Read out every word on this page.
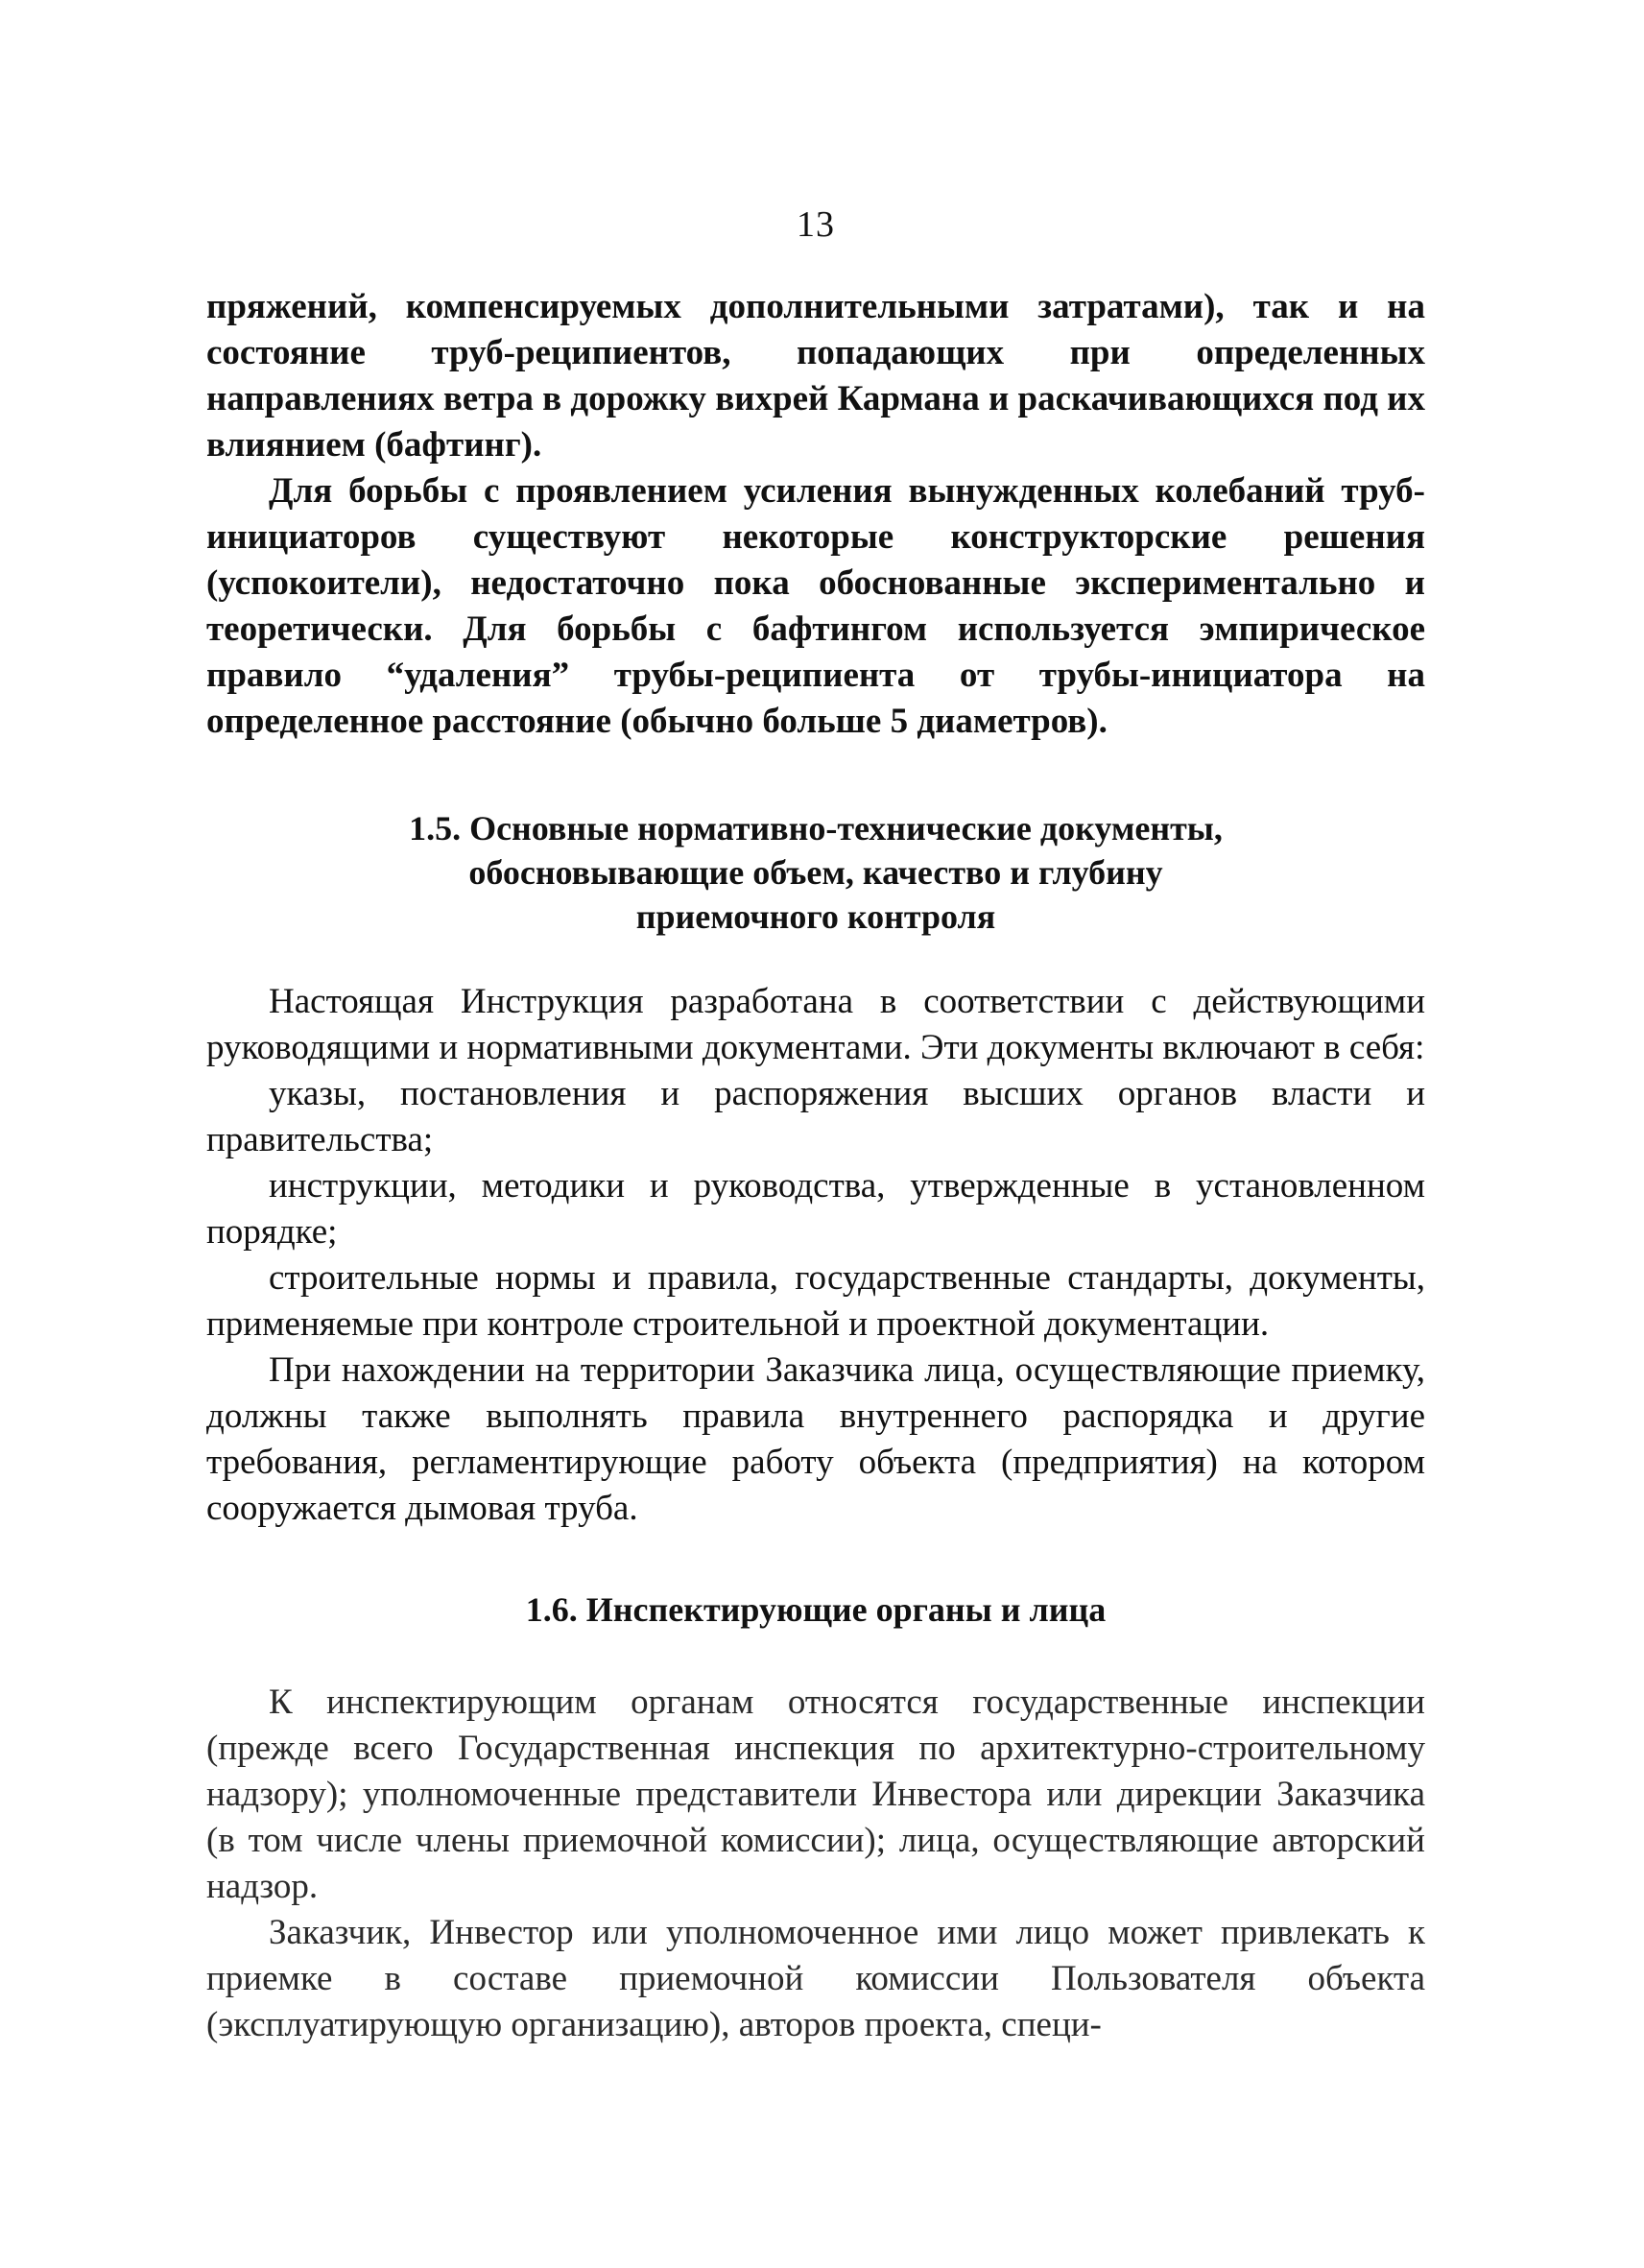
13

пряжений, компенсируемых дополнительными затратами), так и на состояние труб-реципиентов, попадающих при определенных направлениях ветра в дорожку вихрей Кармана и раскачивающихся под их влиянием (бафтинг).

Для борьбы с проявлением усиления вынужденных колебаний труб-инициаторов существуют некоторые конструкторские решения (успокоители), недостаточно пока обоснованные экспериментально и теоретически. Для борьбы с бафтингом используется эмпирическое правило “удаления” трубы-реципиента от трубы-инициатора на определенное расстояние (обычно больше 5 диаметров).

1.5. Основные нормативно-технические документы,
обосновывающие объем, качество и глубину
приемочного контроля

Настоящая Инструкция разработана в соответствии с действующими руководящими и нормативными документами. Эти документы включают в себя:

указы, постановления и распоряжения высших органов власти и правительства;

инструкции, методики и руководства, утвержденные в установленном порядке;

строительные нормы и правила, государственные стандарты, документы, применяемые при контроле строительной и проектной документации.

При нахождении на территории Заказчика лица, осуществляющие приемку, должны также выполнять правила внутреннего распорядка и другие требования, регламентирующие работу объекта (предприятия) на котором сооружается дымовая труба.

1.6. Инспектирующие органы и лица

К инспектирующим органам относятся государственные инспекции (прежде всего Государственная инспекция по архитектурно-строительному надзору); уполномоченные представители Инвестора или дирекции Заказчика (в том числе члены приемочной комиссии); лица, осуществляющие авторский надзор.

Заказчик, Инвестор или уполномоченное ими лицо может привлекать к приемке в составе приемочной комиссии Пользователя объекта (эксплуатирующую организацию), авторов проекта, специ-
